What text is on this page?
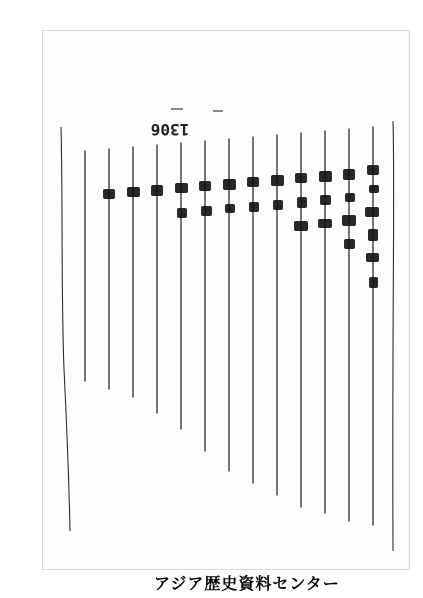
1306
アジア歴史資料センター
